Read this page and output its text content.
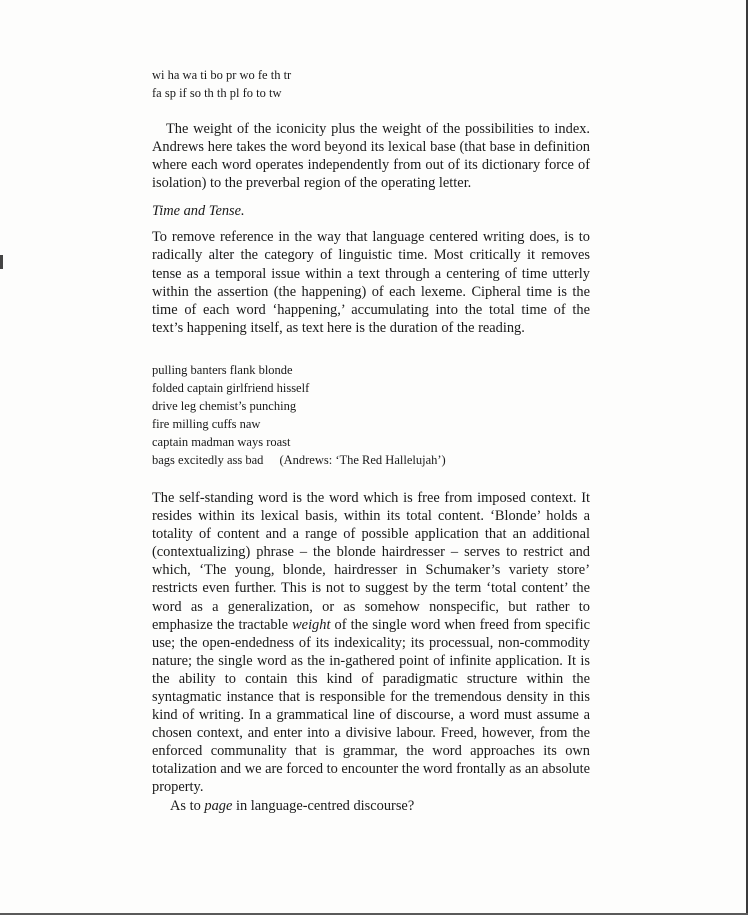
wi ha wa ti bo pr wo fe th tr
fa sp if so th th pl fo to tw

The weight of the iconicity plus the weight of the possibilities to index. Andrews here takes the word beyond its lexical base (that base in definition where each word operates independently from out of its dictionary force of isolation) to the preverbal region of the operating letter.

Time and Tense.

To remove reference in the way that language centered writing does, is to radically alter the category of linguistic time. Most critically it removes tense as a temporal issue within a text through a centering of time utterly within the assertion (the happening) of each lexeme. Cipheral time is the time of each word ‘happening,’ accumulating into the total time of the text’s happening itself, as text here is the duration of the reading.

pulling banters flank blonde
folded captain girlfriend hisself
drive leg chemist’s punching
fire milling cuffs naw
captain madman ways roast
bags excitedly ass bad (Andrews: ‘The Red Hallelujah’)

The self-standing word is the word which is free from imposed context. It resides within its lexical basis, within its total content. ‘Blonde’ holds a totality of content and a range of possible application that an additional (contextualizing) phrase – the blonde hairdresser – serves to restrict and which, ‘The young, blonde, hairdresser in Schumaker’s variety store’ restricts even further. This is not to suggest by the term ‘total content’ the word as a generalization, or as somehow nonspecific, but rather to emphasize the tractable weight of the single word when freed from specific use; the open-endedness of its indexicality; its processual, non-commodity nature; the single word as the in-gathered point of infinite application. It is the ability to contain this kind of paradigmatic structure within the syntagmatic instance that is responsible for the tremendous density in this kind of writing. In a grammatical line of discourse, a word must assume a chosen context, and enter into a divisive labour. Freed, however, from the enforced communality that is grammar, the word approaches its own totalization and we are forced to encounter the word frontally as an absolute property.

As to page in language-centred discourse?
